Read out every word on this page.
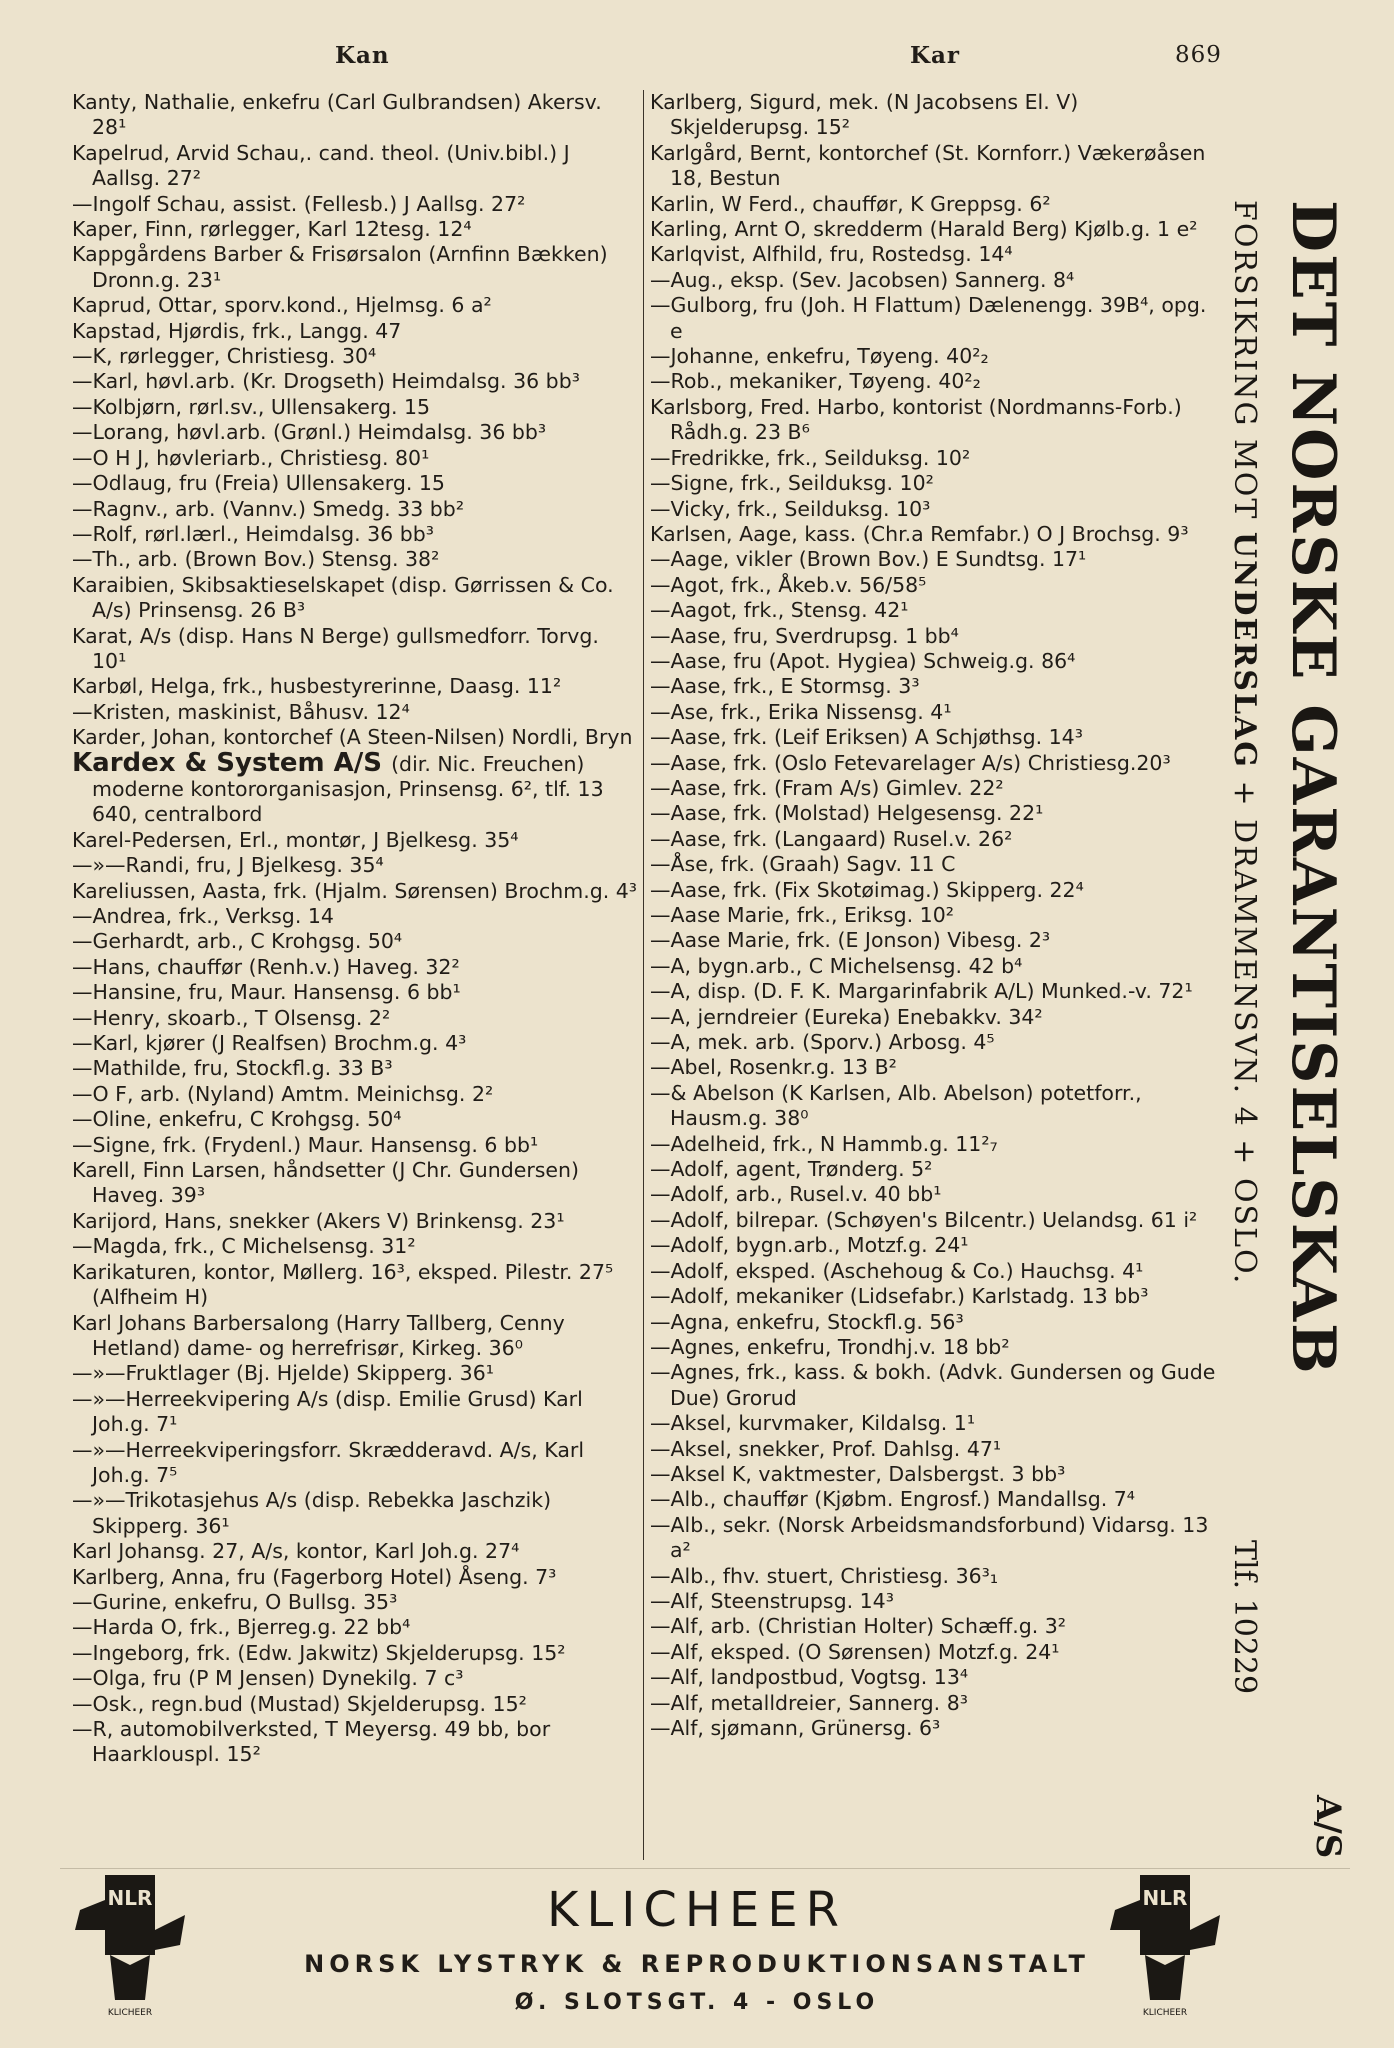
Kan	Kar	869
Kanty, Nathalie, enkefru (Carl Gulbrandsen) Akersv. 28¹
Kapelrud, Arvid Schau,. cand. theol. (Univ.bibl.) J Aallsg. 27²
—Ingolf Schau, assist. (Fellesb.) J Aallsg. 27²
Kaper, Finn, rørlegger, Karl 12tesg. 12⁴
Kappgårdens Barber & Frisørsalon (Arnfinn Bækken) Dronn.g. 23¹
Kaprud, Ottar, sporv.kond., Hjelmsg. 6 a²
Kapstad, Hjørdis, frk., Langg. 47
—K, rørlegger, Christiesg. 30⁴
—Karl, høvl.arb. (Kr. Drogseth) Heimdalsg. 36 bb³
—Kolbjørn, rørl.sv., Ullensakerg. 15
—Lorang, høvl.arb. (Grønl.) Heimdalsg. 36 bb³
—O H J, høvleriarb., Christiesg. 80¹
—Odlaug, fru (Freia) Ullensakerg. 15
—Ragnv., arb. (Vannv.) Smedg. 33 bb²
—Rolf, rørl.lærl., Heimdalsg. 36 bb³
—Th., arb. (Brown Bov.) Stensg. 38²
Karaibien, Skibsaktieselskapet (disp. Gørrissen & Co. A/s) Prinsensg. 26 B³
Karat, A/s (disp. Hans N Berge) gullsmedforr. Torvg. 10¹
Karbøl, Helga, frk., husbestyrerinne, Daasg. 11²
—Kristen, maskinist, Båhusv. 12⁴
Karder, Johan, kontorchef (A Steen-Nilsen) Nordli, Bryn
Kardex & System A/S (dir. Nic. Freuchen) moderne kontororganisasjon, Prinsensg. 6², tlf. 13 640, centralbord
Karel-Pedersen, Erl., montør, J Bjelkesg. 35⁴
—»—Randi, fru, J Bjelkesg. 35⁴
Kareliussen, Aasta, frk. (Hjalm. Sørensen) Brochm.g. 4³
—Andrea, frk., Verksg. 14
—Gerhardt, arb., C Krohgsg. 50⁴
—Hans, chauffør (Renh.v.) Haveg. 32²
—Hansine, fru, Maur. Hansensg. 6 bb¹
—Henry, skoarb., T Olsensg. 2²
—Karl, kjører (J Realfsen) Brochm.g. 4³
—Mathilde, fru, Stockfl.g. 33 B³
—O F, arb. (Nyland) Amtm. Meinichsg. 2²
—Oline, enkefru, C Krohgsg. 50⁴
—Signe, frk. (Frydenl.) Maur. Hansensg. 6 bb¹
Karell, Finn Larsen, håndsetter (J Chr. Gundersen) Haveg. 39³
Karijord, Hans, snekker (Akers V) Brinkensg. 23¹
—Magda, frk., C Michelsensg. 31²
Karikaturen, kontor, Møllerg. 16³, eksped. Pilestr. 27⁵ (Alfheim H)
Karl Johans Barbersalong (Harry Tallberg, Cenny Hetland) dame- og herrefrisør, Kirkeg. 36⁰
—»—Fruktlager (Bj. Hjelde) Skipperg. 36¹
—»—Herreekvipering A/s (disp. Emilie Grusd) Karl Joh.g. 7¹
—»—Herreekviperingsforr. Skrædderavd. A/s, Karl Joh.g. 7⁵
—»—Trikotasjehus A/s (disp. Rebekka Jaschzik) Skipperg. 36¹
Karl Johansg. 27, A/s, kontor, Karl Joh.g. 27⁴
Karlberg, Anna, fru (Fagerborg Hotel) Åseng. 7³
—Gurine, enkefru, O Bullsg. 35³
—Harda O, frk., Bjerreg.g. 22 bb⁴
—Ingeborg, frk. (Edw. Jakwitz) Skjelderupsg. 15²
—Olga, fru (P M Jensen) Dynekilg. 7 c³
—Osk., regn.bud (Mustad) Skjelderupsg. 15²
—R, automobilverksted, T Meyersg. 49 bb, bor Haarklouspl. 15²
Karlberg, Sigurd, mek. (N Jacobsens El. V) Skjelderupsg. 15²
Karlgård, Bernt, kontorchef (St. Kornforr.) Vækerøåsen 18, Bestun
Karlin, W Ferd., chauffør, K Greppsg. 6²
Karling, Arnt O, skredderm (Harald Berg) Kjølb.g. 1 e²
Karlqvist, Alfhild, fru, Rostedsg. 14⁴
—Aug., eksp. (Sev. Jacobsen) Sannerg. 8⁴
—Gulborg, fru (Joh. H Flattum) Dælenengg. 39B⁴, opg. e
—Johanne, enkefru, Tøyeng. 40²₂
—Rob., mekaniker, Tøyeng. 40²₂
Karlsborg, Fred. Harbo, kontorist (Nordmanns-Forb.) Rådh.g. 23 B⁶
—Fredrikke, frk., Seilduksg. 10²
—Signe, frk., Seilduksg. 10²
—Vicky, frk., Seilduksg. 10³
Karlsen, Aage, kass. (Chr.a Remfabr.) O J Brochsg. 9³
—Aage, vikler (Brown Bov.) E Sundtsg. 17¹
—Agot, frk., Åkeb.v. 56/58⁵
—Aagot, frk., Stensg. 42¹
—Aase, fru, Sverdrupsg. 1 bb⁴
—Aase, fru (Apot. Hygiea) Schweig.g. 86⁴
—Aase, frk., E Stormsg. 3³
—Ase, frk., Erika Nissensg. 4¹
—Aase, frk. (Leif Eriksen) A Schjøthsg. 14³
—Aase, frk. (Oslo Fetevarelager A/s) Christiesg.20³
—Aase, frk. (Fram A/s) Gimlev. 22²
—Aase, frk. (Molstad) Helgesensg. 22¹
—Aase, frk. (Langaard) Rusel.v. 26²
—Åse, frk. (Graah) Sagv. 11 C
—Aase, frk. (Fix Skotøimag.) Skipperg. 22⁴
—Aase Marie, frk., Eriksg. 10²
—Aase Marie, frk. (E Jonson) Vibesg. 2³
—A, bygn.arb., C Michelsensg. 42 b⁴
—A, disp. (D. F. K. Margarinfabrik A/L) Munked.-v. 72¹
—A, jerndreier (Eureka) Enebakkv. 34²
—A, mek. arb. (Sporv.) Arbosg. 4⁵
—Abel, Rosenkr.g. 13 B²
—& Abelson (K Karlsen, Alb. Abelson) potetforr., Hausm.g. 38⁰
—Adelheid, frk., N Hammb.g. 11²₇
—Adolf, agent, Trønderg. 5²
—Adolf, arb., Rusel.v. 40 bb¹
—Adolf, bilrepar. (Schøyen's Bilcentr.) Uelandsg. 61 i²
—Adolf, bygn.arb., Motzf.g. 24¹
—Adolf, eksped. (Aschehoug & Co.) Hauchsg. 4¹
—Adolf, mekaniker (Lidsefabr.) Karlstadg. 13 bb³
—Agna, enkefru, Stockfl.g. 56³
—Agnes, enkefru, Trondhj.v. 18 bb²
—Agnes, frk., kass. & bokh. (Advk. Gundersen og Gude Due) Grorud
—Aksel, kurvmaker, Kildalsg. 1¹
—Aksel, snekker, Prof. Dahlsg. 47¹
—Aksel K, vaktmester, Dalsbergst. 3 bb³
—Alb., chauffør (Kjøbm. Engrosf.) Mandallsg. 7⁴
—Alb., sekr. (Norsk Arbeidsmandsforbund) Vidarsg. 13 a²
—Alb., fhv. stuert, Christiesg. 36³₁
—Alf, Steenstrupsg. 14³
—Alf, arb. (Christian Holter) Schæff.g. 3²
—Alf, eksped. (O Sørensen) Motzf.g. 24¹
—Alf, landpostbud, Vogtsg. 13⁴
—Alf, metalldreier, Sannerg. 8³
—Alf, sjømann, Grünersg. 6³
DET NORSKE GARANTISELSKAB
A/S
FORSIKRING MOT UNDERSLAG + DRAMMENSVN. 4 + OSLO.
Tlf. 10229
NLR
KLICHEER
KLICHEER
NORSK LYSTRYK & REPRODUKTIONSANSTALT
Ø. SLOTSGT. 4 - OSLO
NLR
KLICHEER
